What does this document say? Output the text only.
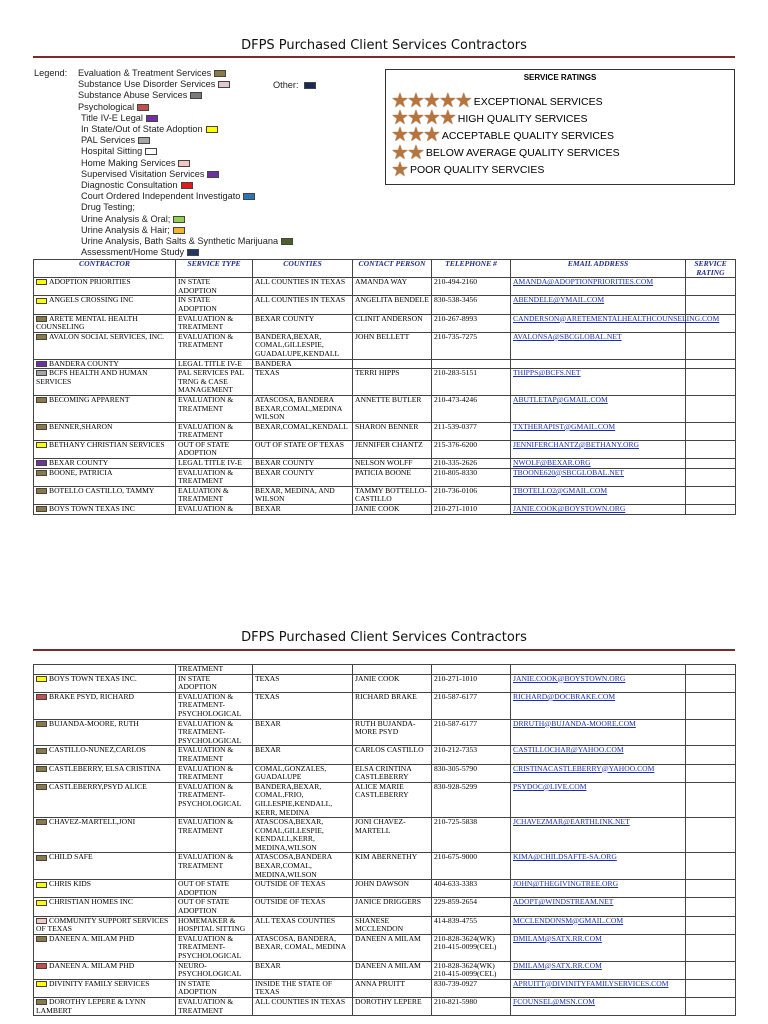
DFPS Purchased Client Services Contractors
Legend: Evaluation & Treatment Services
Substance Use Disorder Services
Substance Abuse Services
Psychological
Title IV-E Legal
In State/Out of State Adoption
PAL Services
Hospital Sitting
Home Making Services
Supervised Visitation Services
Diagnostic Consultation
Court Ordered Independent Investigato
Drug Testing;
Urine Analysis & Oral;
Urine Analysis & Hair;
Urine Analysis, Bath Salts & Synthetic Marijuana
Assessment/Home Study
Other:
SERVICE RATINGS
★
★
★
★
★ EXCEPTIONAL SERVICES
★
★
★
★ HIGH QUALITY SERVICES
★
★
★ ACCEPTABLE QUALITY SERVICES
★
★ BELOW AVERAGE QUALITY SERVICES
★ POOR QUALITY SERVCIES
CONTRACTOR	SERVICE TYPE	COUNTIES	CONTACT PERSON	TELEPHONE #	EMAIL ADDRESS	SERVICE RATING
ADOPTION PRIORITIES	IN STATE ADOPTION	ALL COUNTIES IN TEXAS	AMANDA WAY	210-494-2160	AMANDA@ADOPTIONPRIORITIES.COM	
ANGELS CROSSING INC	IN STATE ADOPTION	ALL COUNTIES IN TEXAS	ANGELITA BENDELE	830-538-3456	ABENDELE@YMAIL.COM	
ARETE MENTAL HEALTH COUNSELING	EVALUATION & TREATMENT	BEXAR COUNTY	CLINIT ANDERSON	210-267-8993	CANDERSON@ARETEMENTALHEALTHCOUNSELING.COM	
AVALON SOCIAL SERVICES, INC.	EVALUATION & TREATMENT	BANDERA,BEXAR, COMAL,GILLESPIE, GUADALUPE,KENDALL	JOHN BELLETT	210-735-7275	AVALONSA@SBCGLOBAL.NET	
BANDERA COUNTY	LEGAL TITLE IV-E	BANDERA				
BCFS HEALTH AND HUMAN SERVICES	PAL SERVICES PAL TRNG & CASE MANAGEMENT	TEXAS	TERRI HIPPS	210-283-5151	THIPPS@BCFS.NET	
BECOMING APPARENT	EVALUATION & TREATMENT	ATASCOSA, BANDERA BEXAR,COMAL,MEDINA WILSON	ANNETTE BUTLER	210-473-4246	ABUTLETAP@GMAIL.COM	
BENNER,SHARON	EVALUATION & TREATMENT	BEXAR,COMAL,KENDALL	SHARON BENNER	211-539-0377	TXTHERAPIST@GMAIL.COM	
BETHANY CHRISTIAN SERVICES	OUT OF STATE ADOPTION	OUT OF STATE OF TEXAS	JENNIFER CHANTZ	215-376-6200	JENNIFERCHANTZ@BETHANY.ORG	
BEXAR COUNTY	LEGAL TITLE IV-E	BEXAR COUNTY	NELSON WOLFF	210-335-2626	NWOLF@BEXAR.ORG	
BOONE, PATRICIA	EVALUATION & TREATMENT	BEXAR COUNTY	PATICIA BOONE	210-805-8330	TBOONE620@SBCGLOBAL.NET	
BOTELLO CASTILLO, TAMMY	EALUATION & TREATMENT	BEXAR, MEDINA, AND WILSON	TAMMY BOTTELLO-CASTILLO	210-736-0106	TBOTELLO2@GMAIL.COM	
BOYS TOWN TEXAS INC	EVALUATION &	BEXAR	JANIE COOK	210-271-1010	JANIE.COOK@BOYSTOWN.ORG	
DFPS Purchased Client Services Contractors
	TREATMENT					
BOYS TOWN TEXAS INC.	IN STATE ADOPTION	TEXAS	JANIE COOK	210-271-1010	JANIE.COOK@BOYSTOWN.ORG	
BRAKE PSYD, RICHARD	EVALUATION & TREATMENT-PSYCHOLOGICAL	TEXAS	RICHARD BRAKE	210-587-6177	RICHARD@DOCBRAKE.COM	
BUJANDA-MOORE, RUTH	EVALUATION & TREATMENT-PSYCHOLOGICAL	BEXAR	RUTH BUJANDA-MORE PSYD	210-587-6177	DRRUTH@BUJANDA-MOORE.COM	
CASTILLO-NUNEZ,CARLOS	EVALUATION & TREATMENT	BEXAR	CARLOS CASTILLO	210-212-7353	CASTILLOCHAR@YAHOO.COM	
CASTLEBERRY, ELSA CRISTINA	EVALUATION & TREATMENT	COMAL,GONZALES, GUADALUPE	ELSA CRINTINA CASTLEBERRY	830-305-5790	CRISTINACASTLEBERRY@YAHOO.COM	
CASTLEBERRY,PSYD ALICE	EVALUATION & TREATMENT-PSYCHOLOGICAL	BANDERA,BEXAR, COMAL,FRIO, GILLESPIE,KENDALL, KERR, MEDINA	ALICE MARIE CASTLEBERRY	830-928-5299	PSYDOC@LIVE.COM	
CHAVEZ-MARTELL,JONI	EVALUATION & TREATMENT	ATASCOSA,BEXAR, COMAL,GILLESPIE, KENDALL,KERR, MEDINA,WILSON	JONI CHAVEZ-MARTELL	210-725-5838	JCHAVEZMAR@EARTHLINK.NET	
CHILD SAFE	EVALUATION & TREATMENT	ATASCOSA,BANDERA BEXAR,COMAL, MEDINA,WILSON	KIM ABERNETHY	210-675-9000	KIMA@CHILDSAFTE-SA.ORG	
CHRIS KIDS	OUT OF STATE ADOPTION	OUTSIDE OF TEXAS	JOHN DAWSON	404-633-3383	JOHN@THEGIVINGTREE.ORG	
CHRISTIAN HOMES INC	OUT OF STATE ADOPTION	OUTSIDE OF TEXAS	JANICE DRIGGERS	229-859-2654	ADOPT@WINDSTREAM.NET	
COMMUNITY SUPPORT SERVICES OF TEXAS	HOMEMAKER & HOSPITAL SITTING	ALL TEXAS COUNTIES	SHANESE MCCLENDON	414-839-4755	MCCLENDONSM@GMAIL.COM	
DANEEN A. MILAM PHD	EVALUATION & TREATMENT-PSYCHOLOGICAL	ATASCOSA, BANDERA, BEXAR, COMAL, MEDINA	DANEEN A MILAM	210-828-3624(WK) 210-415-0099(CEL)	DMILAM@SATX.RR.COM	
DANEEN A. MILAM PHD	NEURO-PSYCHOLOGICAL	BEXAR	DANEEN A MILAM	210-828-3624(WK) 210-415-0099(CEL)	DMILAM@SATX.RR.COM	
DIVINITY FAMILY SERVICES	IN STATE ADOPTION	INSIDE THE STATE OF TEXAS	ANNA PRUITT	830-739-0927	APRUITT@DIVINITYFAMILYSERVICES.COM	
DOROTHY LEPERE & LYNN LAMBERT	EVALUATION & TREATMENT	ALL COUNTIES IN TEXAS	DOROTHY LEPERE	210-821-5980	FCOUNSEL@MSN.COM	
